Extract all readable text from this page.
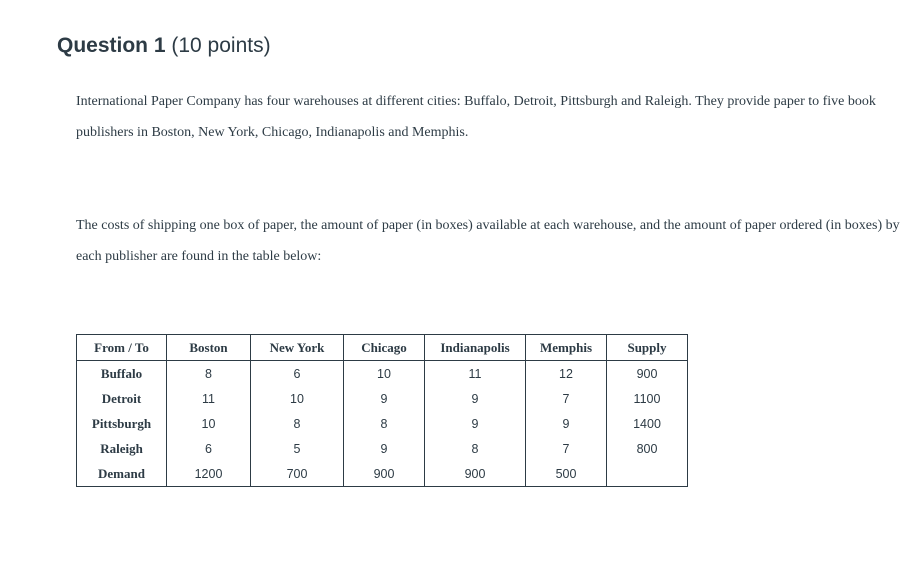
Question 1 (10 points)

International Paper Company has four warehouses at different cities: Buffalo, Detroit, Pittsburgh and Raleigh. They provide paper to five book publishers in Boston, New York, Chicago, Indianapolis and Memphis.

The costs of shipping one box of paper, the amount of paper (in boxes) available at each warehouse, and the amount of paper ordered (in boxes) by each publisher are found in the table below:

From / To	Boston	New York	Chicago	Indianapolis	Memphis	Supply
Buffalo	8	6	10	11	12	900
Detroit	11	10	9	9	7	1100
Pittsburgh	10	8	8	9	9	1400
Raleigh	6	5	9	8	7	800
Demand	1200	700	900	900	500	
